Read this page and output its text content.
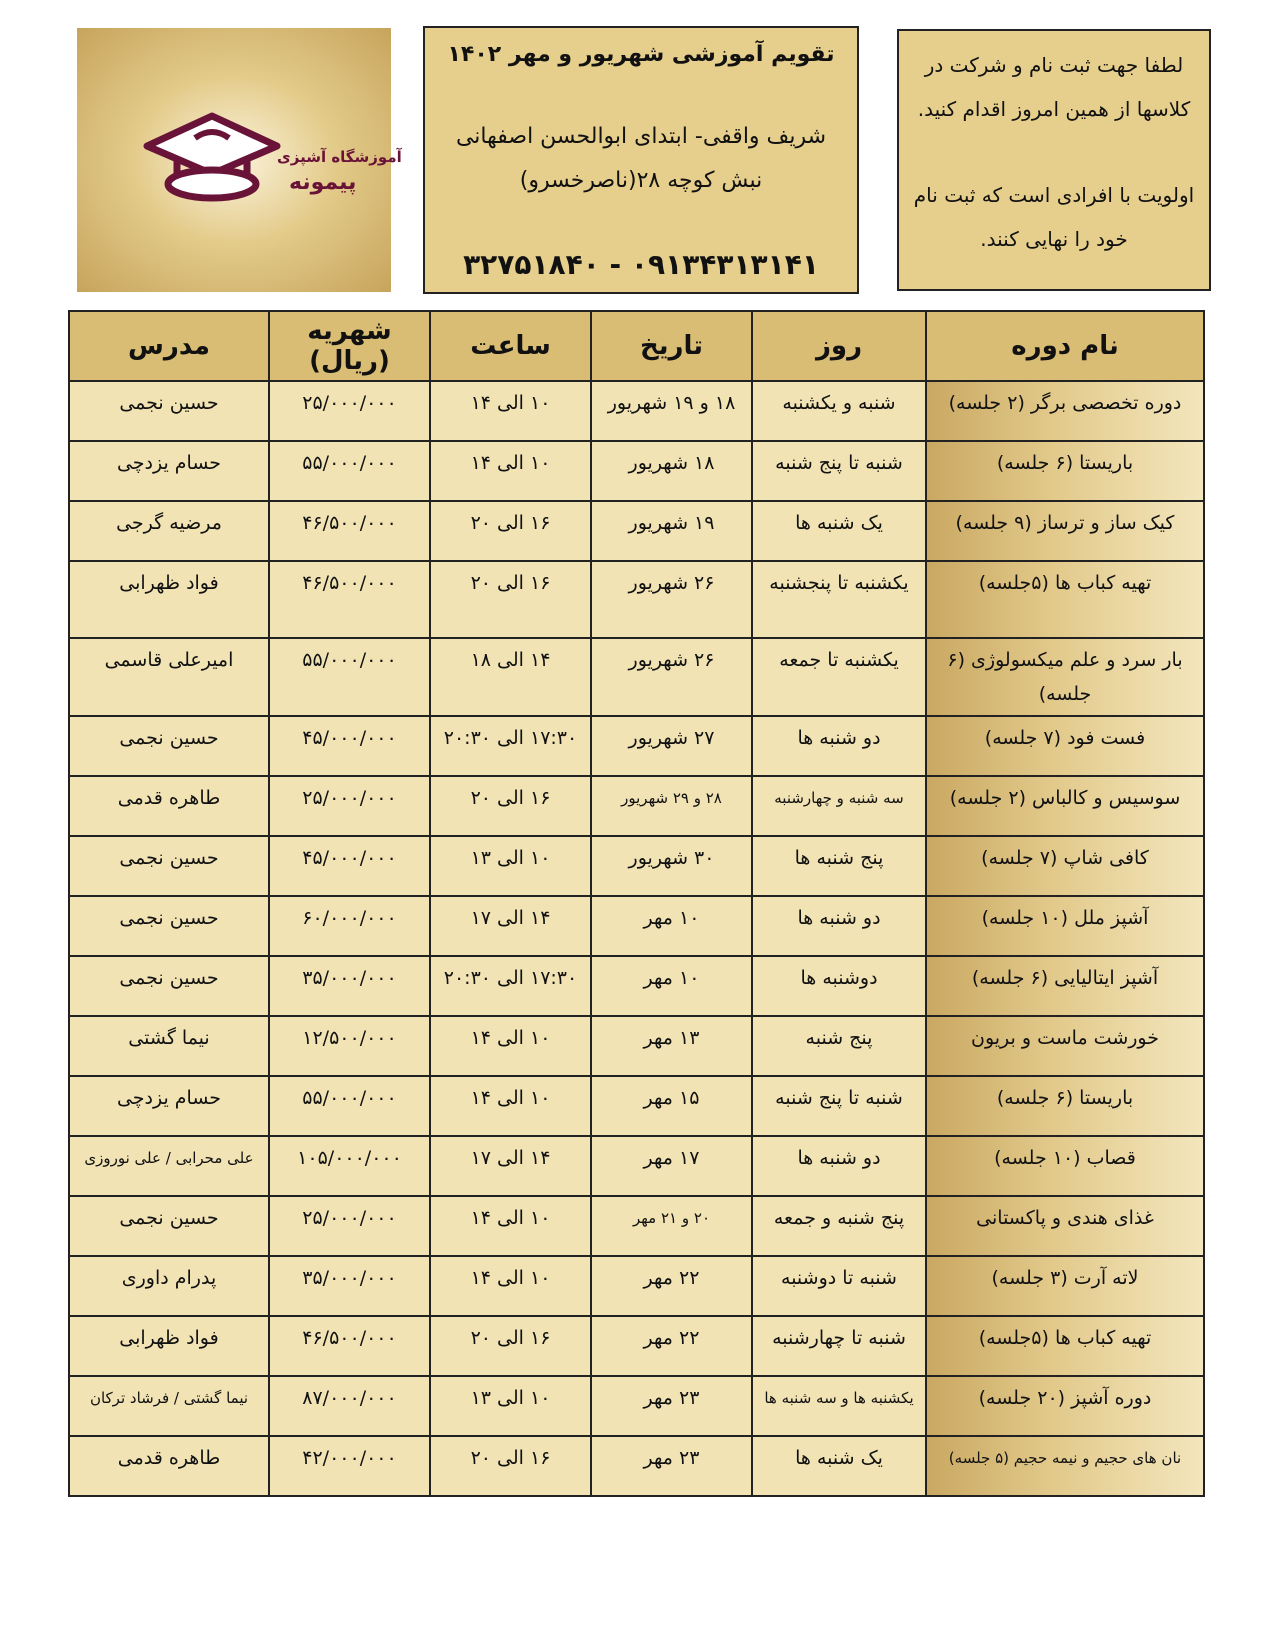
آموزشگاه آشپزی
پیمونه
تقویم آموزشی شهریور و مهر ۱۴۰۲
شریف واقفی- ابتدای ابوالحسن اصفهانی
نبش کوچه ۲۸(ناصرخسرو)
۰۹۱۳۴۳۱۳۱۴۱ - ۳۲۷۵۱۸۴۰
لطفا جهت ثبت نام و شرکت در
کلاسها از همین امروز اقدام کنید.
اولویت با افرادی است که ثبت نام
خود را نهایی کنند.
نام دوره	روز	تاریخ	ساعت	شهریه (ریال)	مدرس
دوره تخصصی برگر (۲ جلسه)	شنبه و یکشنبه	۱۸ و ۱۹ شهریور	۱۰ الی ۱۴	۲۵/۰۰۰/۰۰۰	حسین نجمی
باریستا (۶ جلسه)	شنبه تا پنج شنبه	۱۸ شهریور	۱۰ الی ۱۴	۵۵/۰۰۰/۰۰۰	حسام یزدچی
کیک ساز و ترساز (۹ جلسه)	یک شنبه ها	۱۹ شهریور	۱۶ الی ۲۰	۴۶/۵۰۰/۰۰۰	مرضیه گرجی
تهیه کباب ها (۵جلسه)	یکشنبه تا پنجشنبه	۲۶ شهریور	۱۶ الی ۲۰	۴۶/۵۰۰/۰۰۰	فواد ظهرابی
بار سرد و علم میکسولوژی (۶ جلسه)	یکشنبه تا جمعه	۲۶ شهریور	۱۴ الی ۱۸	۵۵/۰۰۰/۰۰۰	امیرعلی قاسمی
فست فود (۷ جلسه)	دو شنبه ها	۲۷ شهریور	۱۷:۳۰ الی ۲۰:۳۰	۴۵/۰۰۰/۰۰۰	حسین نجمی
سوسیس و کالباس (۲ جلسه)	سه شنبه و چهارشنبه	۲۸ و ۲۹ شهریور	۱۶ الی ۲۰	۲۵/۰۰۰/۰۰۰	طاهره قدمی
کافی شاپ (۷ جلسه)	پنج شنبه ها	۳۰ شهریور	۱۰ الی ۱۳	۴۵/۰۰۰/۰۰۰	حسین نجمی
آشپز ملل (۱۰ جلسه)	دو شنبه ها	۱۰ مهر	۱۴ الی ۱۷	۶۰/۰۰۰/۰۰۰	حسین نجمی
آشپز ایتالیایی (۶ جلسه)	دوشنبه ها	۱۰ مهر	۱۷:۳۰ الی ۲۰:۳۰	۳۵/۰۰۰/۰۰۰	حسین نجمی
خورشت ماست و بریون	پنج شنبه	۱۳ مهر	۱۰ الی ۱۴	۱۲/۵۰۰/۰۰۰	نیما گشتی
باریستا (۶ جلسه)	شنبه تا پنج شنبه	۱۵ مهر	۱۰ الی ۱۴	۵۵/۰۰۰/۰۰۰	حسام یزدچی
قصاب (۱۰ جلسه)	دو شنبه ها	۱۷ مهر	۱۴ الی ۱۷	۱۰۵/۰۰۰/۰۰۰	علی محرابی / علی نوروزی
غذای هندی و پاکستانی	پنج شنبه و جمعه	۲۰ و ۲۱ مهر	۱۰ الی ۱۴	۲۵/۰۰۰/۰۰۰	حسین نجمی
لاته آرت (۳ جلسه)	شنبه تا دوشنبه	۲۲ مهر	۱۰ الی ۱۴	۳۵/۰۰۰/۰۰۰	پدرام داوری
تهیه کباب ها (۵جلسه)	شنبه تا چهارشنبه	۲۲ مهر	۱۶ الی ۲۰	۴۶/۵۰۰/۰۰۰	فواد ظهرابی
دوره آشپز (۲۰ جلسه)	یکشنبه ها و سه شنبه ها	۲۳ مهر	۱۰ الی ۱۳	۸۷/۰۰۰/۰۰۰	نیما گشتی / فرشاد ترکان
نان های حجیم و نیمه حجیم (۵ جلسه)	یک شنبه ها	۲۳ مهر	۱۶ الی ۲۰	۴۲/۰۰۰/۰۰۰	طاهره قدمی
